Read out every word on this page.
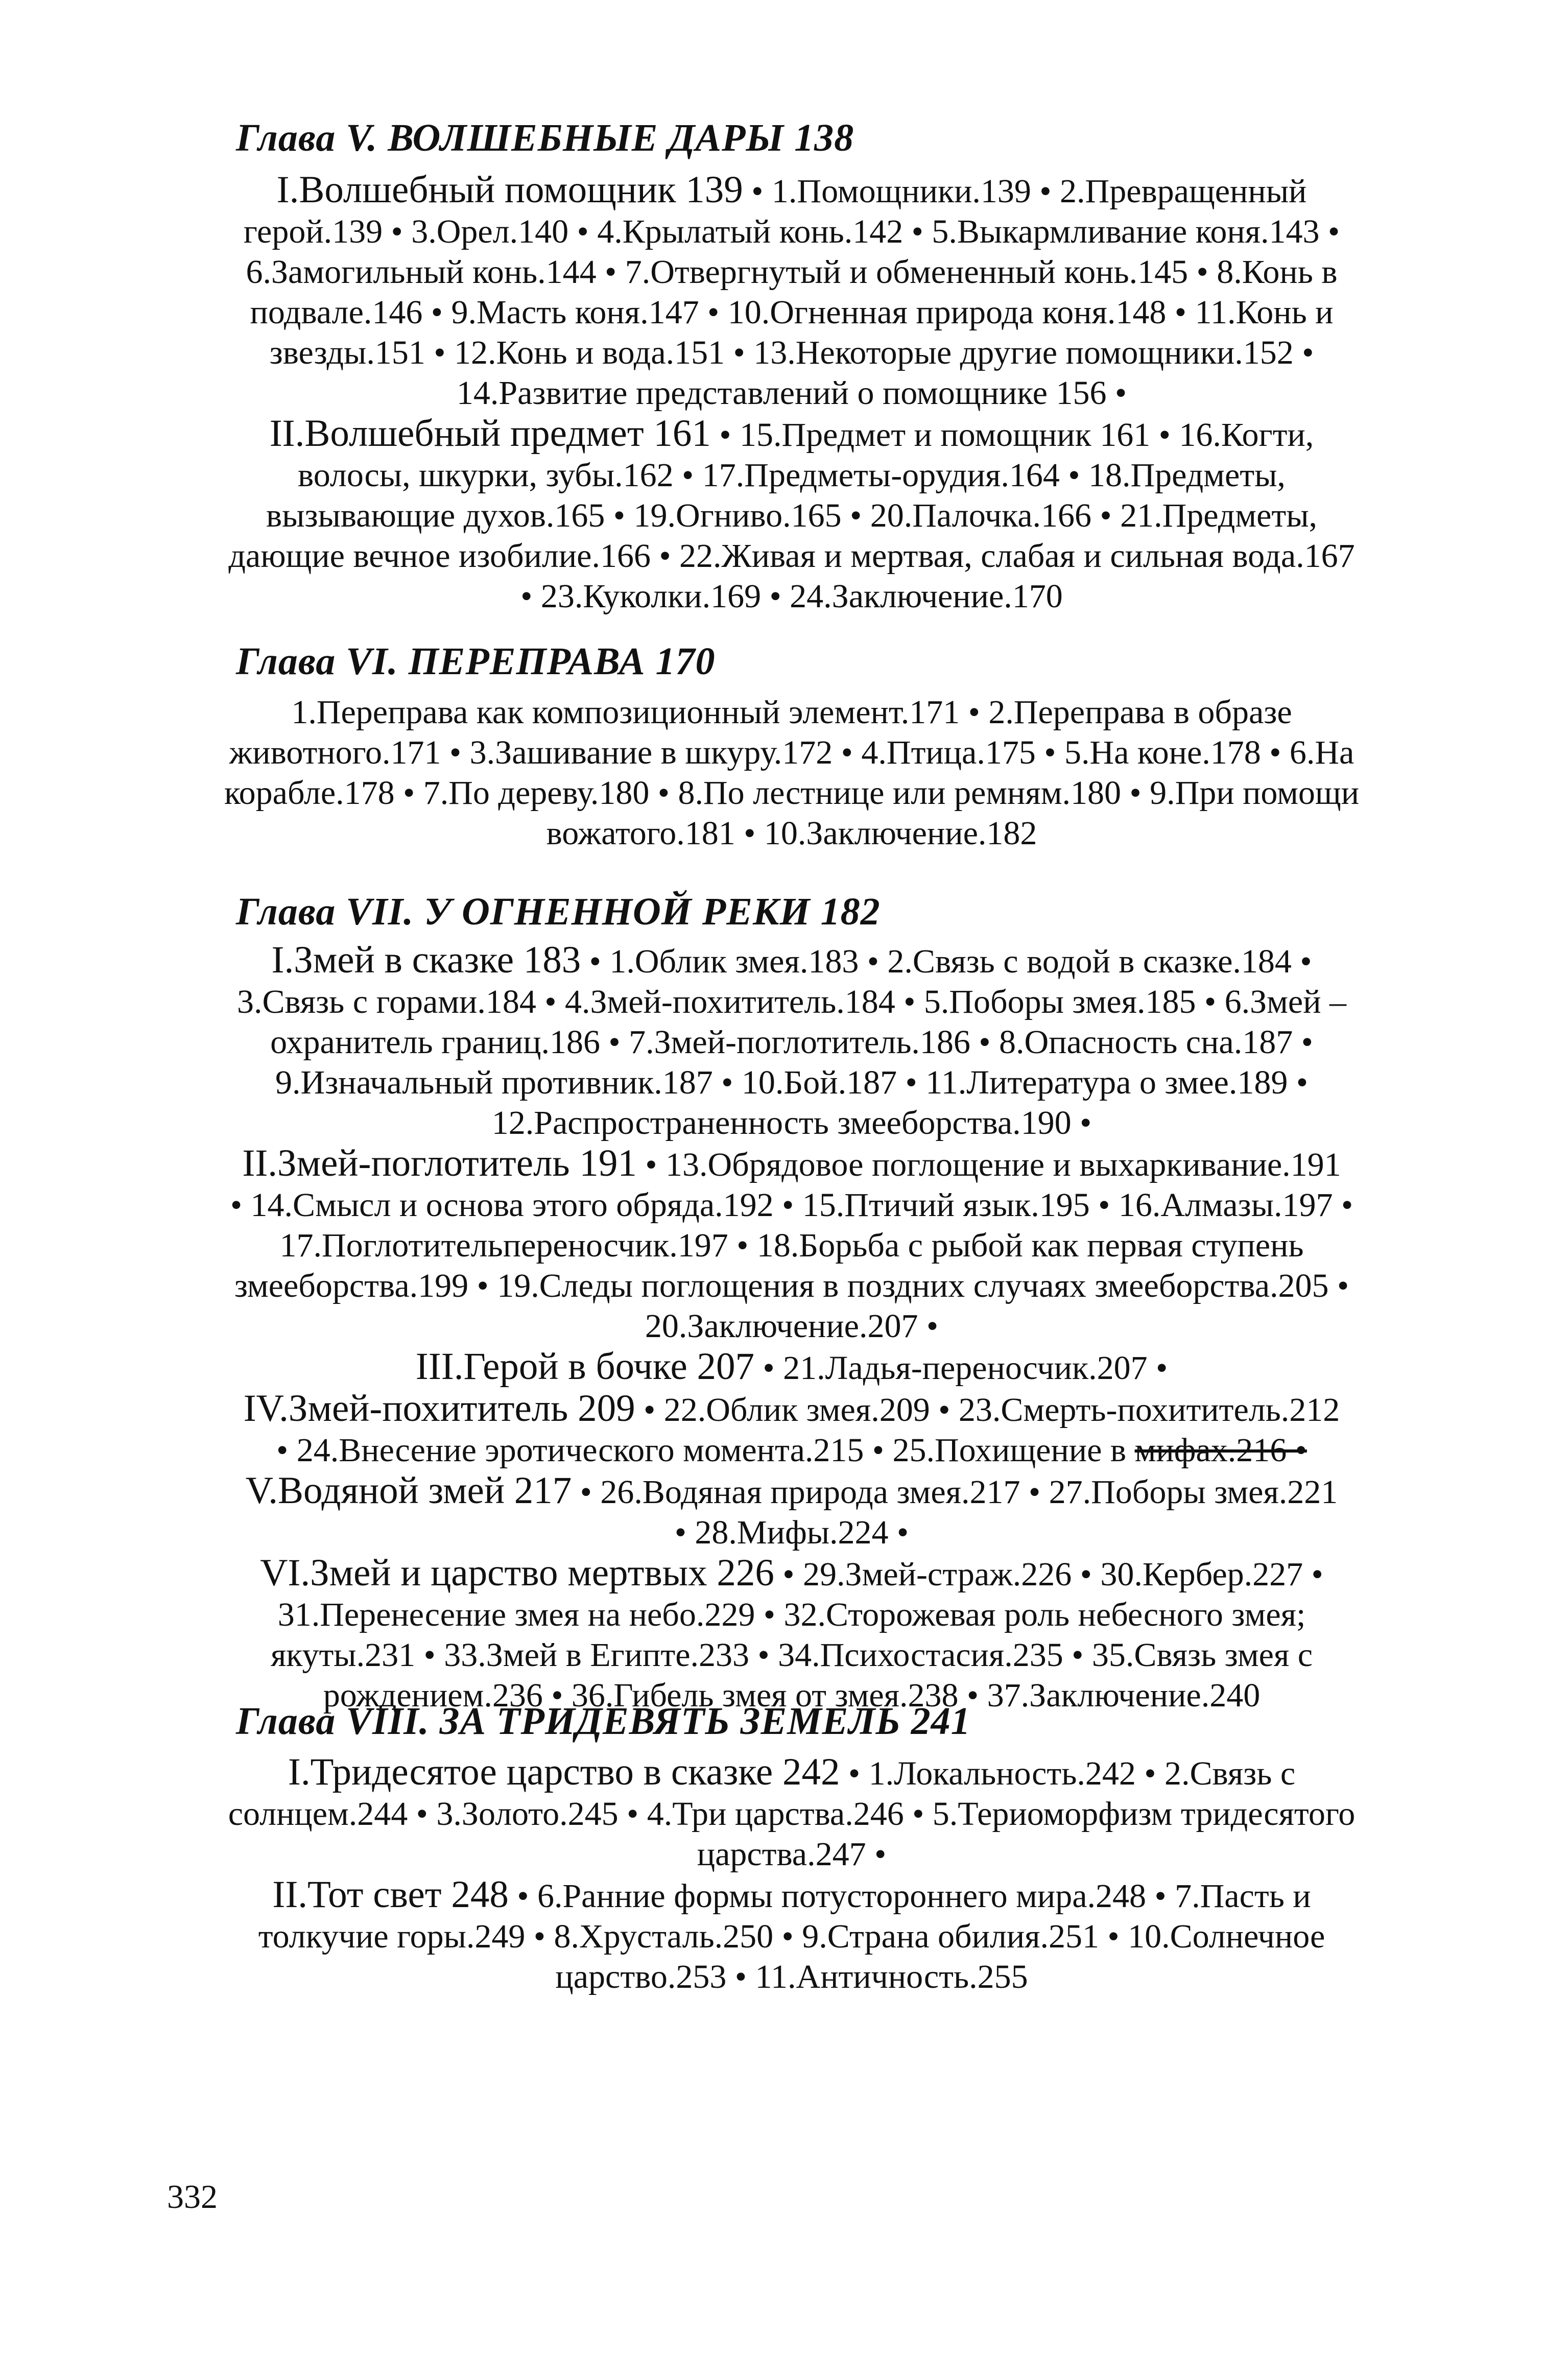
Глава V. ВОЛШЕБНЫЕ ДАРЫ 138
I.Волшебный помощник 139 • 1.Помощники.139 • 2.Превращенный
герой.139 • 3.Орел.140 • 4.Крылатый конь.142 • 5.Выкармливание коня.143 •
6.Замогильный конь.144 • 7.Отвергнутый и обмененный конь.145 • 8.Конь в
подвале.146 • 9.Масть коня.147 • 10.Огненная природа коня.148 • 11.Конь и
звезды.151 • 12.Конь и вода.151 • 13.Некоторые другие помощники.152 •
14.Развитие представлений о помощнике 156 •
II.Волшебный предмет 161 • 15.Предмет и помощник 161 • 16.Когти,
волосы, шкурки, зубы.162 • 17.Предметы-орудия.164 • 18.Предметы,
вызывающие духов.165 • 19.Огниво.165 • 20.Палочка.166 • 21.Предметы,
дающие вечное изобилие.166 • 22.Живая и мертвая, слабая и сильная вода.167
• 23.Куколки.169 • 24.Заключение.170
Глава VI. ПЕРЕПРАВА 170
1.Переправа как композиционный элемент.171 • 2.Переправа в образе
животного.171 • 3.Зашивание в шкуру.172 • 4.Птица.175 • 5.На коне.178 • 6.На
корабле.178 • 7.По дереву.180 • 8.По лестнице или ремням.180 • 9.При помощи
вожатого.181 • 10.Заключение.182
Глава VII. У ОГНЕННОЙ РЕКИ 182
I.Змей в сказке 183 • 1.Облик змея.183 • 2.Связь с водой в сказке.184 •
3.Связь с горами.184 • 4.Змей-похититель.184 • 5.Поборы змея.185 • 6.Змей –
охранитель границ.186 • 7.Змей-поглотитель.186 • 8.Опасность сна.187 •
9.Изначальный противник.187 • 10.Бой.187 • 11.Литература о змее.189 •
12.Распространенность змееборства.190 •
II.Змей-поглотитель 191 • 13.Обрядовое поглощение и выхаркивание.191
• 14.Смысл и основа этого обряда.192 • 15.Птичий язык.195 • 16.Алмазы.197 •
17.Поглотительпереносчик.197 • 18.Борьба с рыбой как первая ступень
змееборства.199 • 19.Следы поглощения в поздних случаях змееборства.205 •
20.Заключение.207 •
III.Герой в бочке 207 • 21.Ладья-переносчик.207 •
IV.Змей-похититель 209 • 22.Облик змея.209 • 23.Смерть-похититель.212
• 24.Внесение эротического момента.215 • 25.Похищение в мифах.216 •
V.Водяной змей 217 • 26.Водяная природа змея.217 • 27.Поборы змея.221
• 28.Мифы.224 •
VI.Змей и царство мертвых 226 • 29.Змей-страж.226 • 30.Кербер.227 •
31.Перенесение змея на небо.229 • 32.Сторожевая роль небесного змея;
якуты.231 • 33.Змей в Египте.233 • 34.Психостасия.235 • 35.Связь змея с
рождением.236 • 36.Гибель змея от змея.238 • 37.Заключение.240
Глава VIII. ЗА ТРИДЕВЯТЬ ЗЕМЕЛЬ 241
I.Тридесятое царство в сказке 242 • 1.Локальность.242 • 2.Связь с
солнцем.244 • 3.Золото.245 • 4.Три царства.246 • 5.Териоморфизм тридесятого
царства.247 •
II.Тот свет 248 • 6.Ранние формы потустороннего мира.248 • 7.Пасть и
толкучие горы.249 • 8.Хрусталь.250 • 9.Страна обилия.251 • 10.Солнечное
царство.253 • 11.Античность.255
332
